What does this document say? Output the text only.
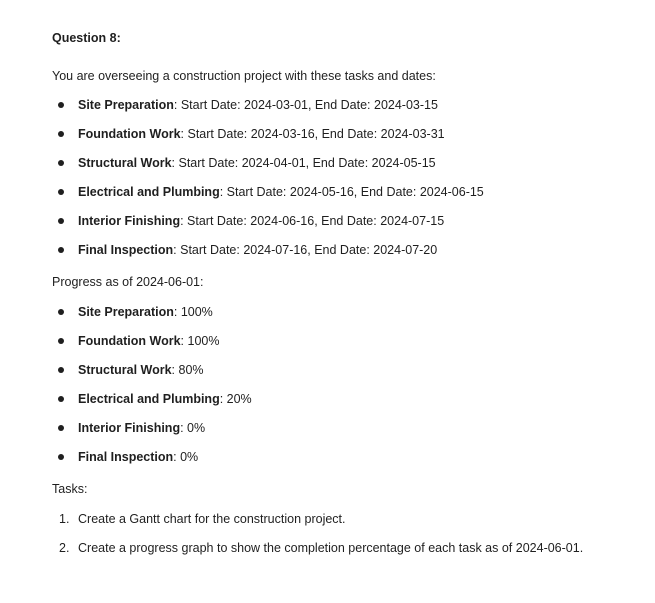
Question 8:

You are overseeing a construction project with these tasks and dates:

Site Preparation: Start Date: 2024-03-01, End Date: 2024-03-15
Foundation Work: Start Date: 2024-03-16, End Date: 2024-03-31
Structural Work: Start Date: 2024-04-01, End Date: 2024-05-15
Electrical and Plumbing: Start Date: 2024-05-16, End Date: 2024-06-15
Interior Finishing: Start Date: 2024-06-16, End Date: 2024-07-15
Final Inspection: Start Date: 2024-07-16, End Date: 2024-07-20

Progress as of 2024-06-01:

Site Preparation: 100%
Foundation Work: 100%
Structural Work: 80%
Electrical and Plumbing: 20%
Interior Finishing: 0%
Final Inspection: 0%

Tasks:

1. Create a Gantt chart for the construction project.
2. Create a progress graph to show the completion percentage of each task as of 2024-06-01.
